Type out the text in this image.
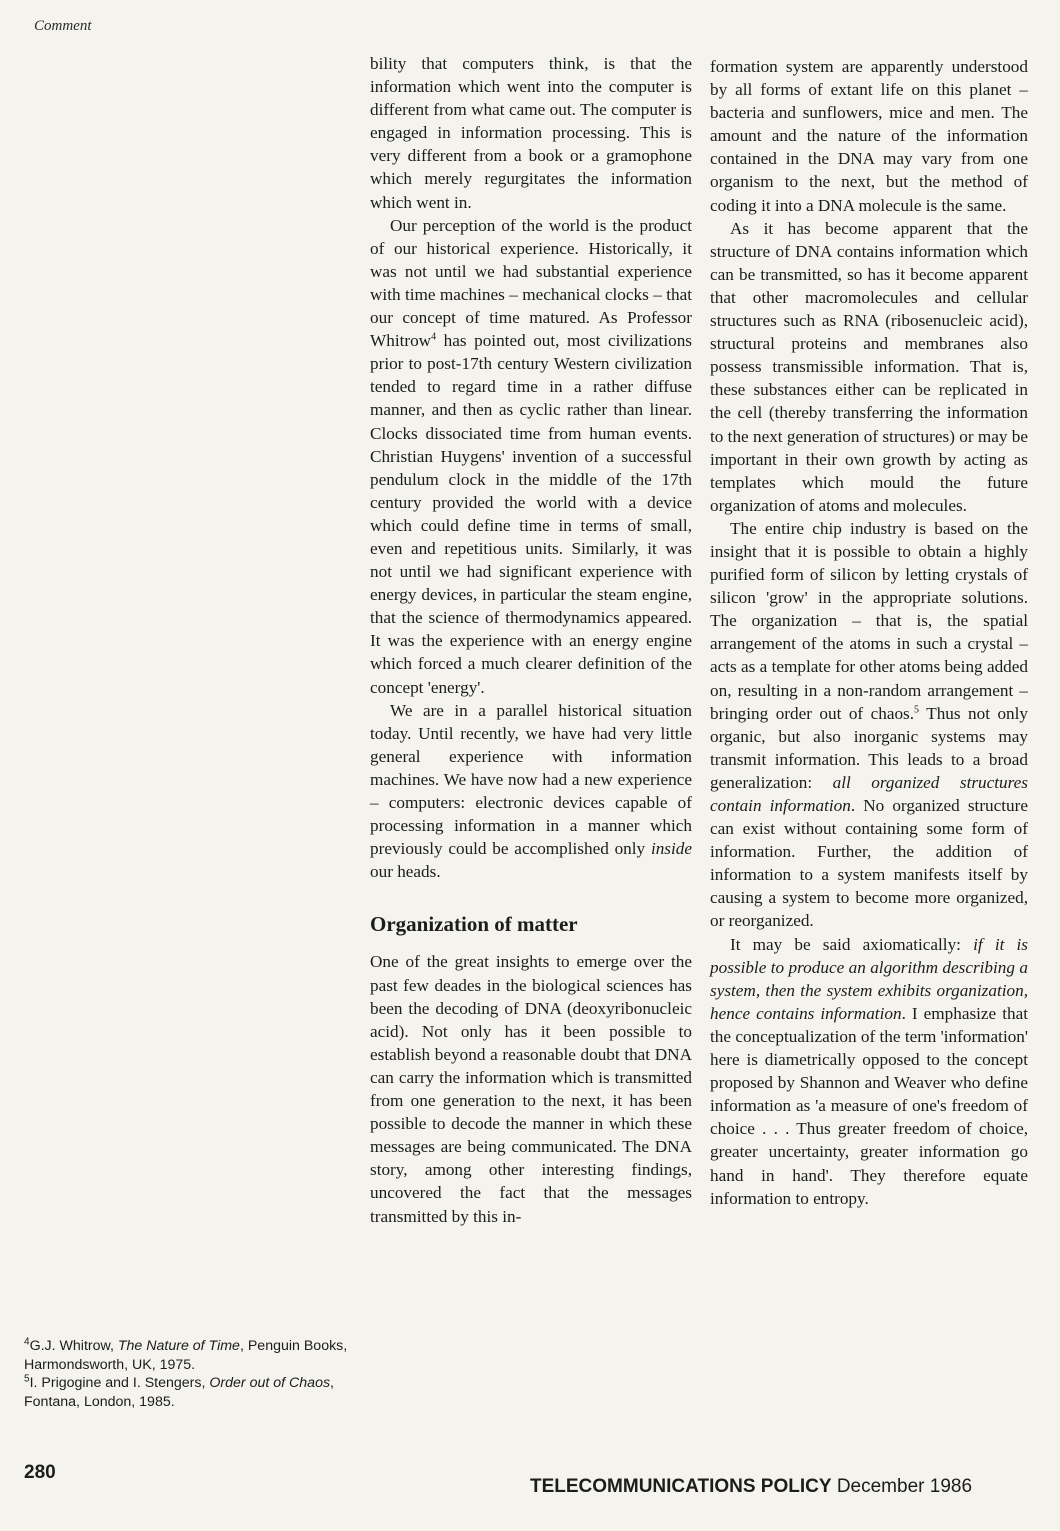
Comment

bility that computers think, is that the information which went into the computer is different from what came out. The computer is engaged in information processing. This is very different from a book or a gramophone which merely regurgitates the information which went in.

Our perception of the world is the product of our historical experience. Historically, it was not until we had substantial experience with time machines – mechanical clocks – that our concept of time matured. As Professor Whitrow$^4$ has pointed out, most civilizations prior to post-17th century Western civilization tended to regard time in a rather diffuse manner, and then as cyclic rather than linear. Clocks dissociated time from human events. Christian Huygens' invention of a successful pendulum clock in the middle of the 17th century provided the world with a device which could define time in terms of small, even and repetitious units. Similarly, it was not until we had significant experience with energy devices, in particular the steam engine, that the science of thermodynamics appeared. It was the experience with an energy engine which forced a much clearer definition of the concept 'energy'.

We are in a parallel historical situation today. Until recently, we have had very little general experience with information machines. We have now had a new experience – computers: electronic devices capable of processing information in a manner which previously could be accomplished only inside our heads.

Organization of matter

One of the great insights to emerge over the past few deades in the biological sciences has been the decoding of DNA (deoxyribonucleic acid). Not only has it been possible to establish beyond a reasonable doubt that DNA can carry the information which is transmitted from one generation to the next, it has been possible to decode the manner in which these messages are being communicated. The DNA story, among other interesting findings, uncovered the fact that the messages transmitted by this in-

formation system are apparently understood by all forms of extant life on this planet – bacteria and sunflowers, mice and men. The amount and the nature of the information contained in the DNA may vary from one organism to the next, but the method of coding it into a DNA molecule is the same.

As it has become apparent that the structure of DNA contains information which can be transmitted, so has it become apparent that other macromolecules and cellular structures such as RNA (ribosenucleic acid), structural proteins and membranes also possess transmissible information. That is, these substances either can be replicated in the cell (thereby transferring the information to the next generation of structures) or may be important in their own growth by acting as templates which mould the future organization of atoms and molecules.

The entire chip industry is based on the insight that it is possible to obtain a highly purified form of silicon by letting crystals of silicon 'grow' in the appropriate solutions. The organization – that is, the spatial arrangement of the atoms in such a crystal – acts as a template for other atoms being added on, resulting in a non-random arrangement – bringing order out of chaos.$^5$ Thus not only organic, but also inorganic systems may transmit information. This leads to a broad generalization: all organized structures contain information. No organized structure can exist without containing some form of information. Further, the addition of information to a system manifests itself by causing a system to become more organized, or reorganized.

It may be said axiomatically: if it is possible to produce an algorithm describing a system, then the system exhibits organization, hence contains information. I emphasize that the conceptualization of the term 'information' here is diametrically opposed to the concept proposed by Shannon and Weaver who define information as 'a measure of one's freedom of choice . . . Thus greater freedom of choice, greater uncertainty, greater information go hand in hand'. They therefore equate information to entropy.

$^4$G.J. Whitrow, The Nature of Time, Penguin Books, Harmondsworth, UK, 1975.

$^5$I. Prigogine and I. Stengers, Order out of Chaos, Fontana, London, 1985.

280
TELECOMMUNICATIONS POLICY December 1986
